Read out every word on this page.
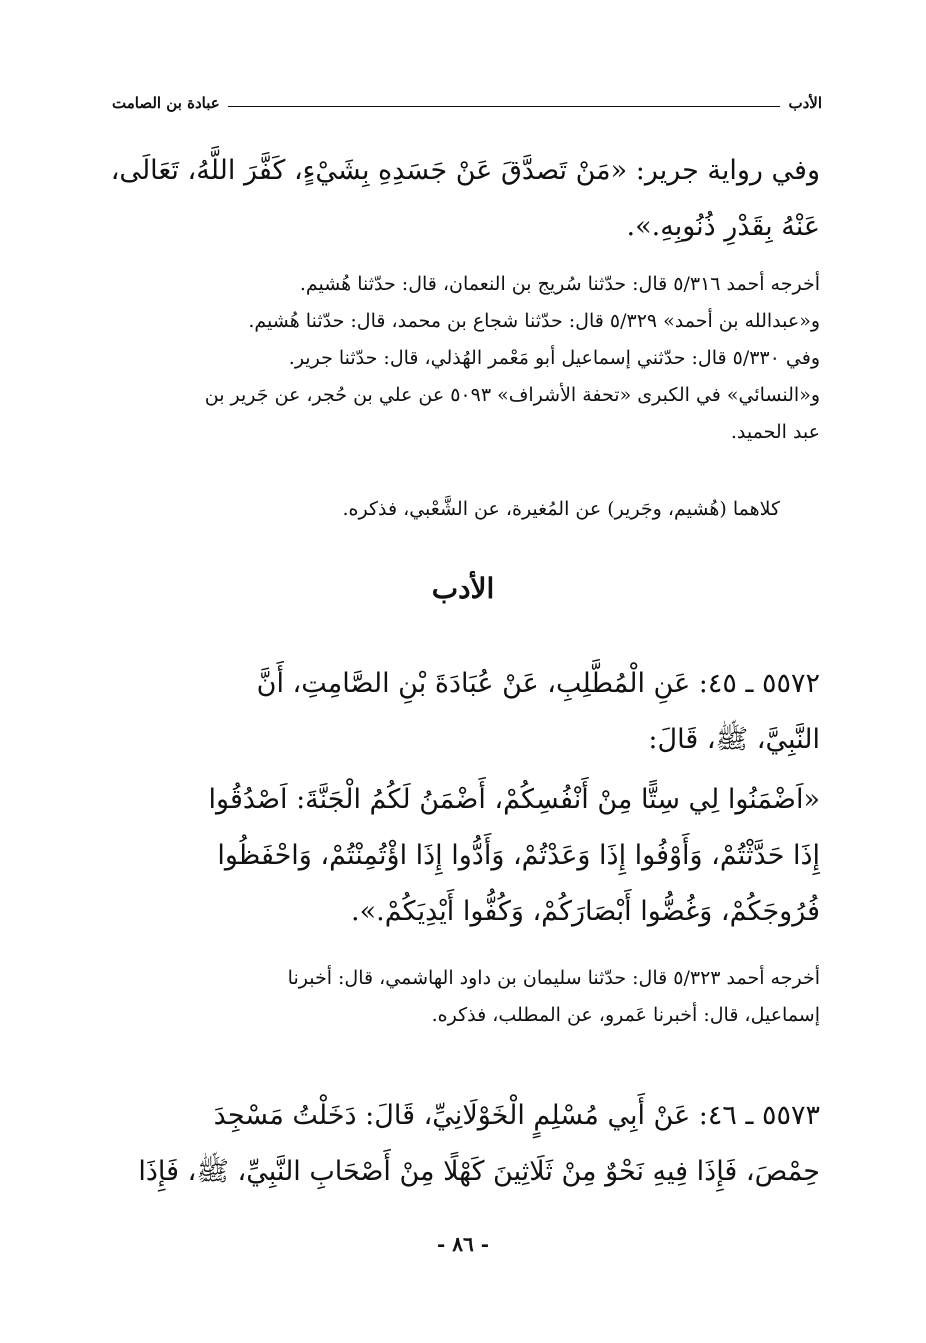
الأدب
عبادة بن الصامت
وفي رواية جرير: «مَنْ تَصدَّقَ عَنْ جَسَدِهِ بِشَيْءٍ، كَفَّرَ اللَّهُ، تَعَالَى،
عَنْهُ بِقَدْرِ ذُنُوبِهِ.».
أخرجه أحمد ٥/٣١٦ قال: حدّثنا سُريج بن النعمان، قال: حدّثنا هُشيم.
و«عبدالله بن أحمد» ٥/٣٢٩ قال: حدّثنا شجاع بن محمد، قال: حدّثنا هُشيم.
وفي ٥/٣٣٠ قال: حدّثني إسماعيل أبو مَعْمر الهُذلي، قال: حدّثنا جرير.
و«النسائي» في الكبرى «تحفة الأشراف» ٥٠٩٣ عن علي بن حُجر، عن جَرير بن
عبد الحميد.
كلاهما (هُشيم، وجَرير) عن المُغيرة، عن الشَّعْبي، فذكره.
الأدب
٥٥٧٢ ـ ٤٥: عَنِ الْمُطَّلِبِ، عَنْ عُبَادَةَ بْنِ الصَّامِتِ، أَنَّ
النَّبِيَّ، ﷺ، قَالَ:
«اَضْمَنُوا لِي سِتًّا مِنْ أَنْفُسِكُمْ، أَضْمَنُ لَكُمُ الْجَنَّةَ: اَصْدُقُوا
إِذَا حَدَّثْتُمْ، وَأَوْفُوا إِذَا وَعَدْتُمْ، وَأَدُّوا إِذَا اؤْتُمِنْتُمْ، وَاحْفَظُوا
فُرُوجَكُمْ، وَغُضُّوا أَبْصَارَكُمْ، وَكُفُّوا أَيْدِيَكُمْ.».
أخرجه أحمد ٥/٣٢٣ قال: حدّثنا سليمان بن داود الهاشمي، قال: أخبرنا
إسماعيل، قال: أخبرنا عَمرو، عن المطلب، فذكره.
٥٥٧٣ ـ ٤٦: عَنْ أَبِي مُسْلِمٍ الْخَوْلَانِيِّ، قَالَ: دَخَلْتُ مَسْجِدَ
حِمْصَ، فَإِذَا فِيهِ نَحْوٌ مِنْ ثَلَاثِينَ كَهْلًا مِنْ أَصْحَابِ النَّبِيِّ، ﷺ، فَإِذَا
- ٨٦ -
